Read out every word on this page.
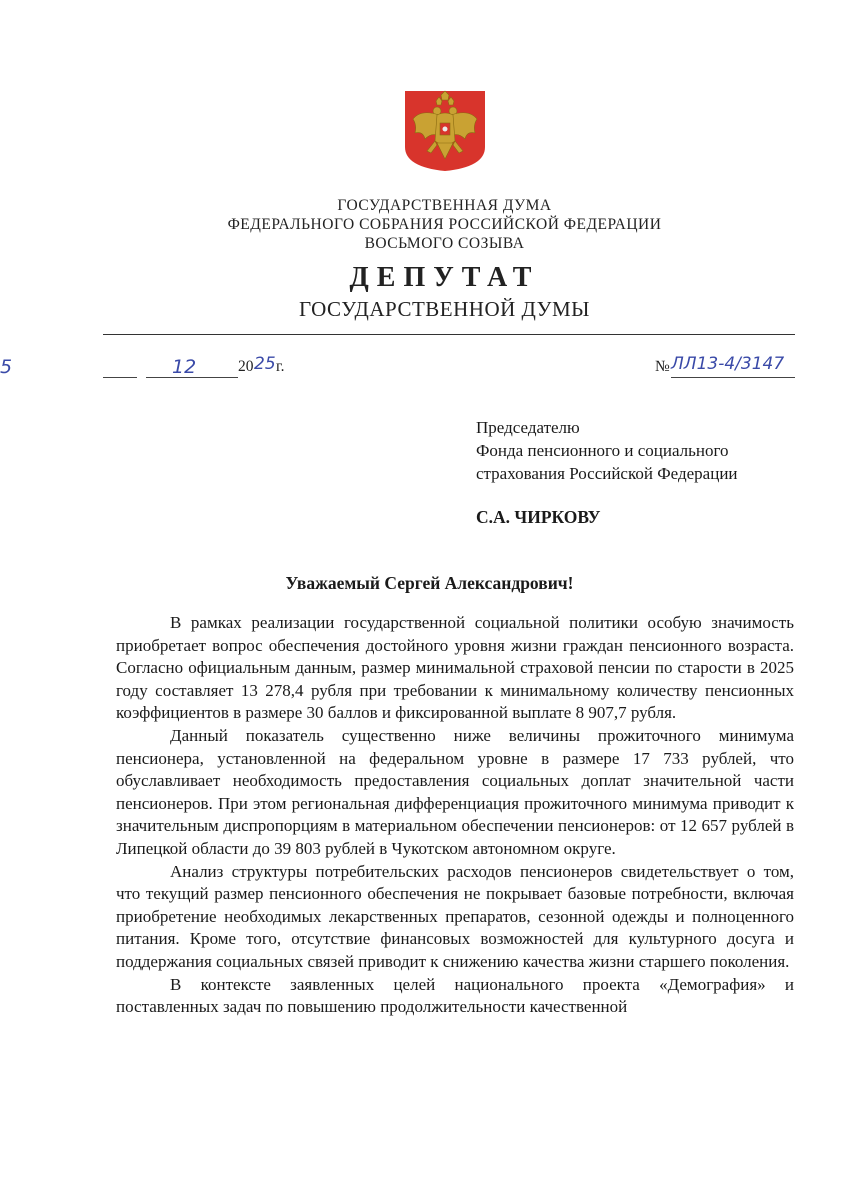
ГОСУДАРСТВЕННАЯ ДУМА
ФЕДЕРАЛЬНОГО СОБРАНИЯ РОССИЙСКОЙ ФЕДЕРАЦИИ
ВОСЬМОГО СОЗЫВА
ДЕПУТАТ
ГОСУДАРСТВЕННОЙ ДУМЫ
5	12	20 25 г.	№ ЛЛ13-4/3147
Председателю
Фонда пенсионного и социального
страхования Российской Федерации
С.А. ЧИРКОВУ
Уважаемый Сергей Александрович!

В рамках реализации государственной социальной политики особую значимость приобретает вопрос обеспечения достойного уровня жизни граждан пенсионного возраста. Согласно официальным данным, размер минимальной страховой пенсии по старости в 2025 году составляет 13 278,4 рубля при требовании к минимальному количеству пенсионных коэффициентов в размере 30 баллов и фиксированной выплате 8 907,7 рубля.

Данный показатель существенно ниже величины прожиточного минимума пенсионера, установленной на федеральном уровне в размере 17 733 рублей, что обуславливает необходимость предоставления социальных доплат значительной части пенсионеров. При этом региональная дифференциация прожиточного минимума приводит к значительным диспропорциям в материальном обеспечении пенсионеров: от 12 657 рублей в Липецкой области до 39 803 рублей в Чукотском автономном округе.

Анализ структуры потребительских расходов пенсионеров свидетельствует о том, что текущий размер пенсионного обеспечения не покрывает базовые потребности, включая приобретение необходимых лекарственных препаратов, сезонной одежды и полноценного питания. Кроме того, отсутствие финансовых возможностей для культурного досуга и поддержания социальных связей приводит к снижению качества жизни старшего поколения.

В контексте заявленных целей национального проекта «Демография» и поставленных задач по повышению продолжительности качественной
